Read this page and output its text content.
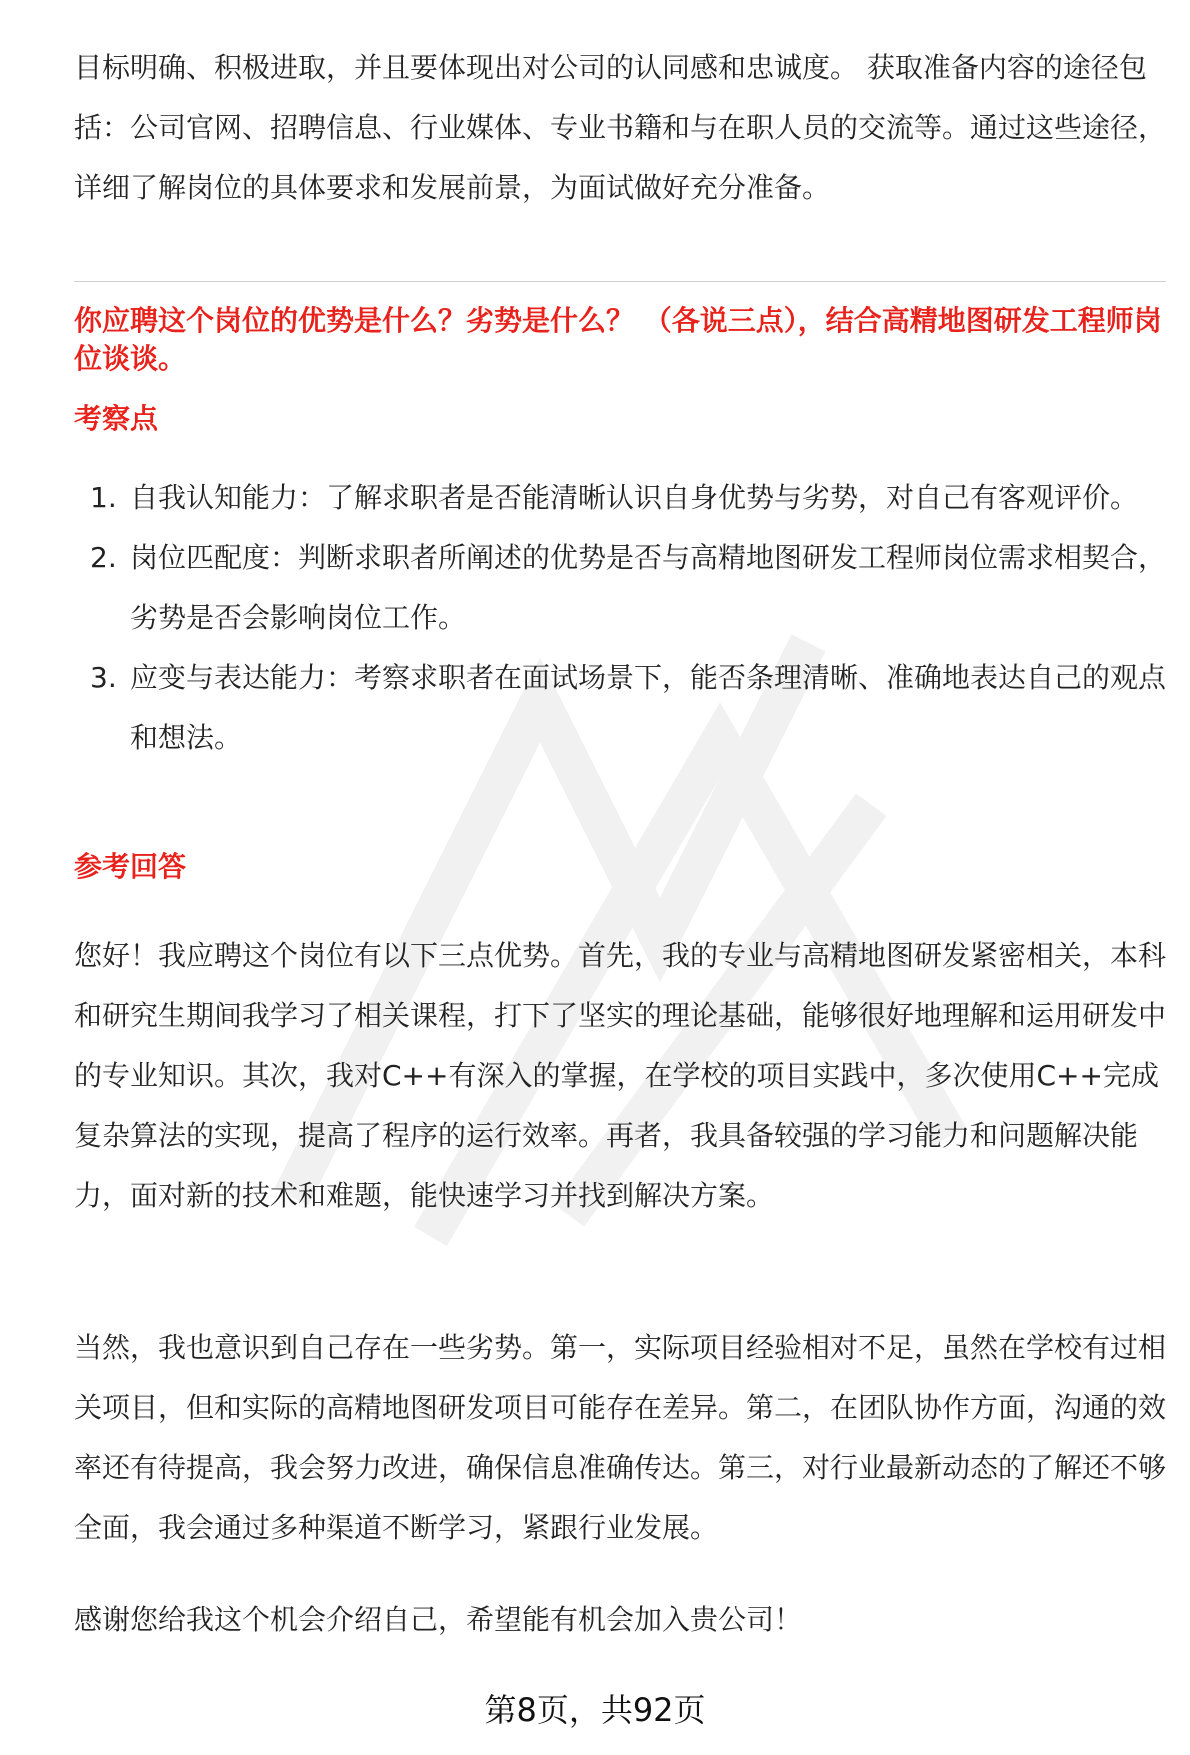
目标明确、积极进取，并且要体现出对公司的认同感和忠诚度。 获取准备内容的途径包括：公司官网、招聘信息、行业媒体、专业书籍和与在职人员的交流等。通过这些途径，详细了解岗位的具体要求和发展前景，为面试做好充分准备。

你应聘这个岗位的优势是什么？劣势是什么？ （各说三点），结合高精地图研发工程师岗位谈谈。

考察点

1. 自我认知能力：了解求职者是否能清晰认识自身优势与劣势，对自己有客观评价。
2. 岗位匹配度：判断求职者所阐述的优势是否与高精地图研发工程师岗位需求相契合，劣势是否会影响岗位工作。
3. 应变与表达能力：考察求职者在面试场景下，能否条理清晰、准确地表达自己的观点和想法。

参考回答

您好！我应聘这个岗位有以下三点优势。首先，我的专业与高精地图研发紧密相关，本科和研究生期间我学习了相关课程，打下了坚实的理论基础，能够很好地理解和运用研发中的专业知识。其次，我对C++有深入的掌握，在学校的项目实践中，多次使用C++完成复杂算法的实现，提高了程序的运行效率。再者，我具备较强的学习能力和问题解决能力，面对新的技术和难题，能快速学习并找到解决方案。

当然，我也意识到自己存在一些劣势。第一，实际项目经验相对不足，虽然在学校有过相关项目，但和实际的高精地图研发项目可能存在差异。第二，在团队协作方面，沟通的效率还有待提高，我会努力改进，确保信息准确传达。第三，对行业最新动态的了解还不够全面，我会通过多种渠道不断学习，紧跟行业发展。

感谢您给我这个机会介绍自己，希望能有机会加入贵公司！

第8页，共92页
